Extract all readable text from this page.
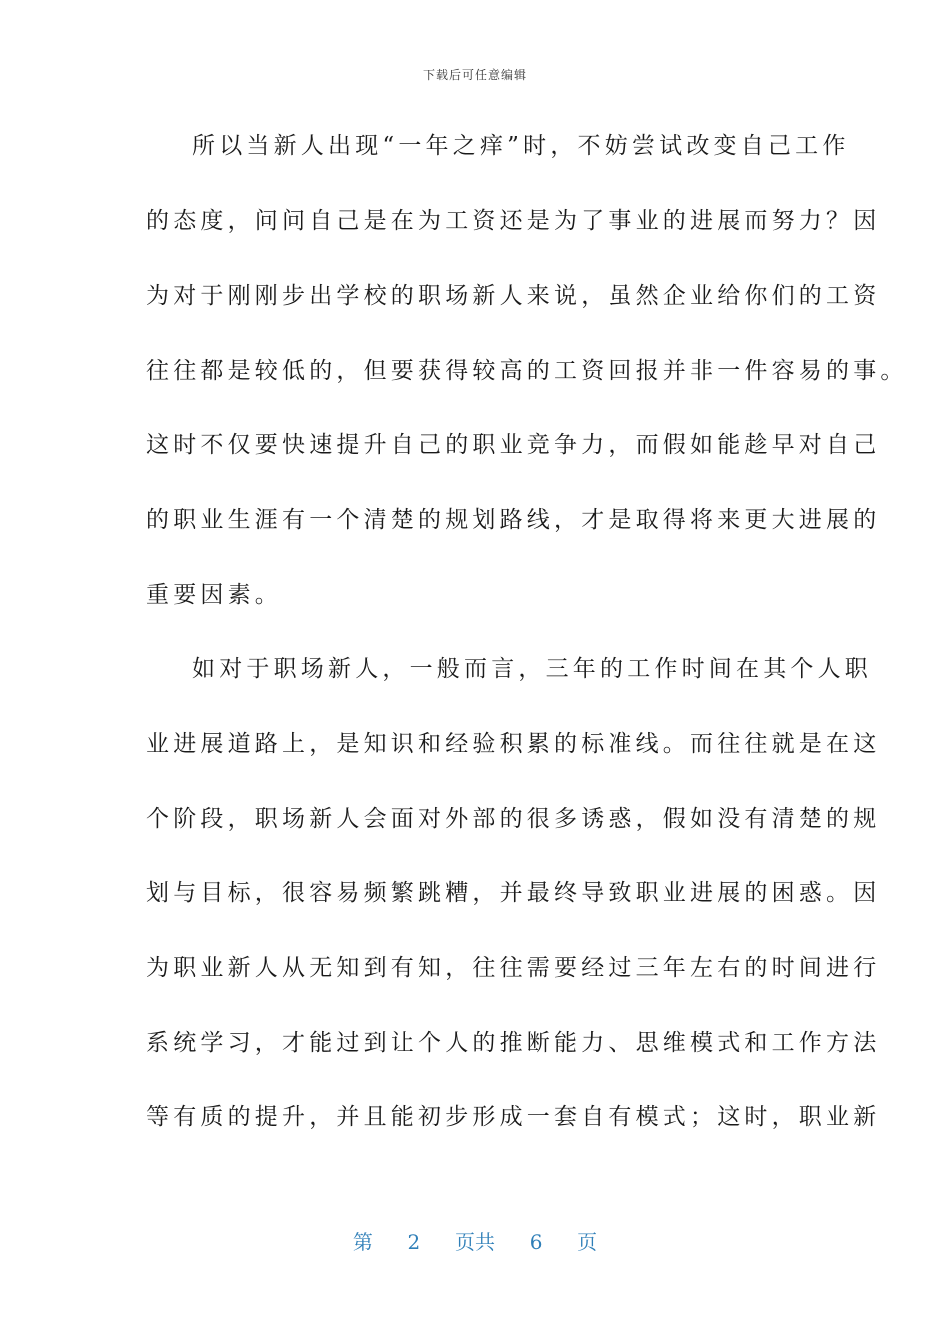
下载后可任意编辑
所以当新人出现“一年之痒”时，不妨尝试改变自己工作
的态度，问问自己是在为工资还是为了事业的进展而努力？因
为对于刚刚步出学校的职场新人来说，虽然企业给你们的工资
往往都是较低的，但要获得较高的工资回报并非一件容易的事。
这时不仅要快速提升自己的职业竞争力，而假如能趁早对自己
的职业生涯有一个清楚的规划路线，才是取得将来更大进展的
重要因素。
如对于职场新人，一般而言，三年的工作时间在其个人职
业进展道路上，是知识和经验积累的标准线。而往往就是在这
个阶段，职场新人会面对外部的很多诱惑，假如没有清楚的规
划与目标，很容易频繁跳糟，并最终导致职业进展的困惑。因
为职业新人从无知到有知，往往需要经过三年左右的时间进行
系统学习，才能过到让个人的推断能力、思维模式和工作方法
等有质的提升，并且能初步形成一套自有模式；这时，职业新
第 2 页共 6 页
